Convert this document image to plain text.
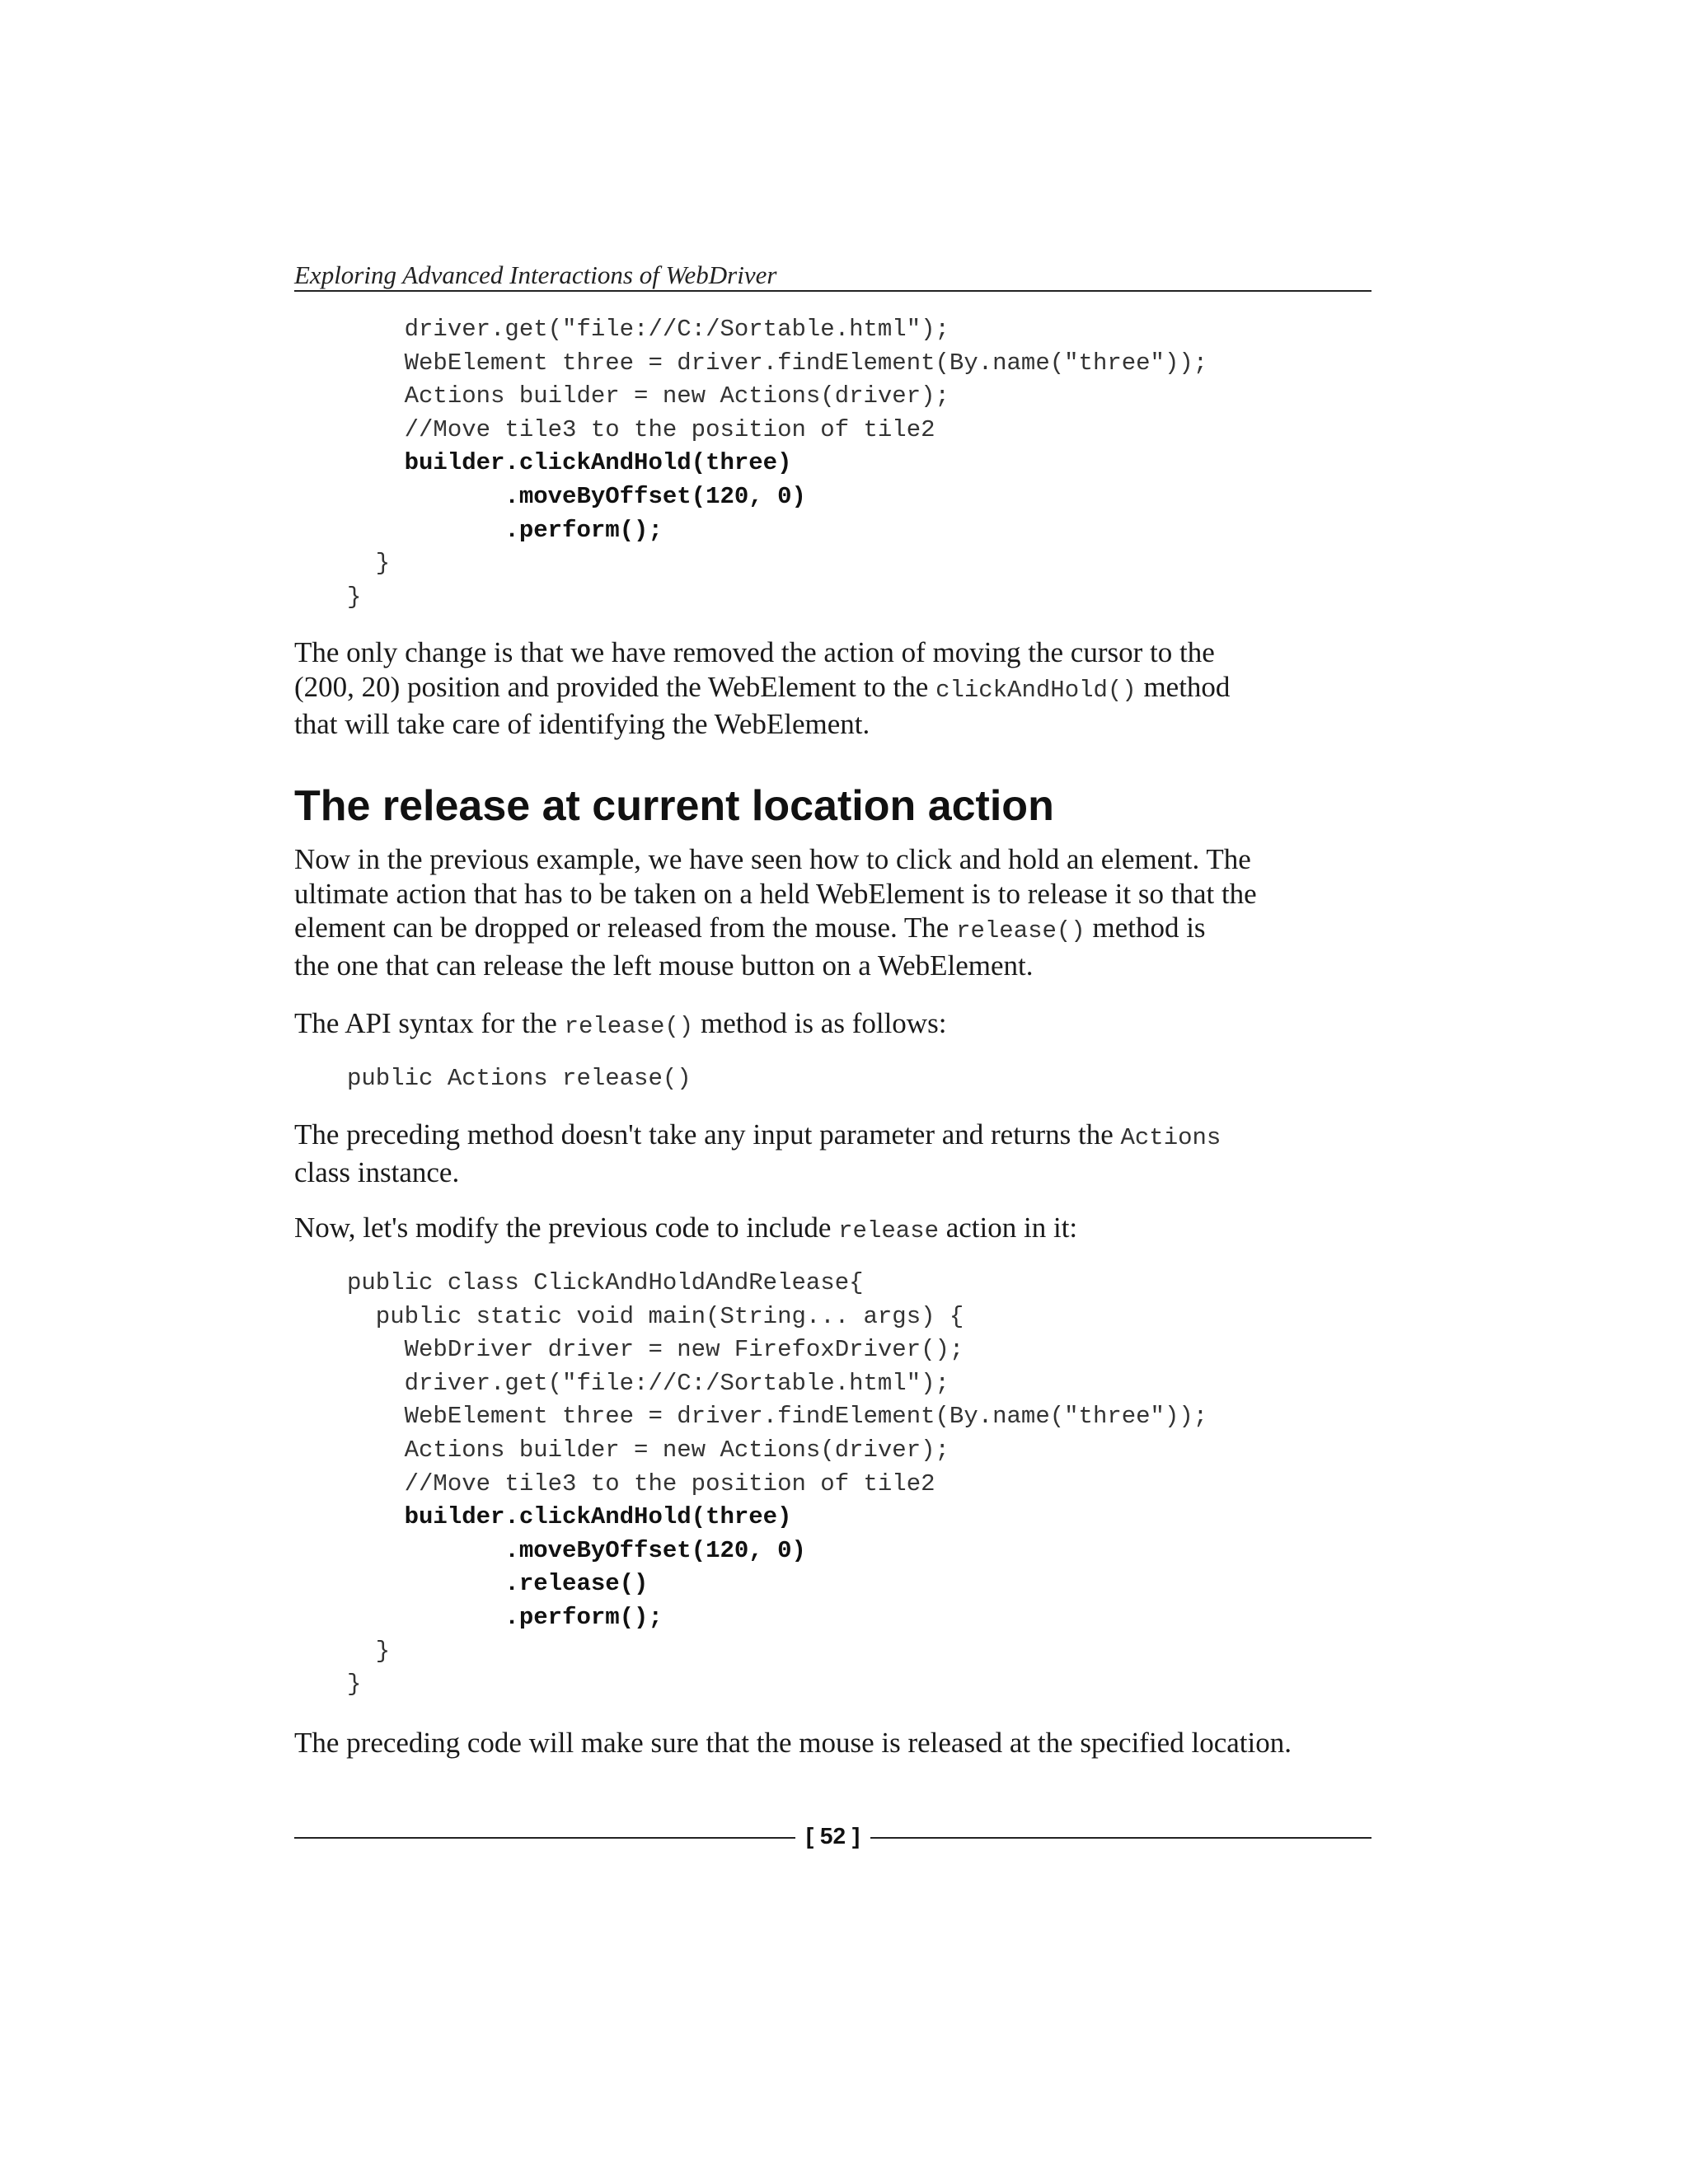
Exploring Advanced Interactions of WebDriver
driver.get("file://C:/Sortable.html");
WebElement three = driver.findElement(By.name("three"));
Actions builder = new Actions(driver);
//Move tile3 to the position of tile2
builder.clickAndHold(three)
.moveByOffset(120, 0)
.perform();
}
}

The only change is that we have removed the action of moving the cursor to the
(200, 20) position and provided the WebElement to the clickAndHold() method
that will take care of identifying the WebElement.

The release at current location action

Now in the previous example, we have seen how to click and hold an element. The
ultimate action that has to be taken on a held WebElement is to release it so that the
element can be dropped or released from the mouse. The release() method is
the one that can release the left mouse button on a WebElement.

The API syntax for the release() method is as follows:

public Actions release()

The preceding method doesn't take any input parameter and returns the Actions
class instance.

Now, let's modify the previous code to include release action in it:

public class ClickAndHoldAndRelease{
public static void main(String... args) {
WebDriver driver = new FirefoxDriver();
driver.get("file://C:/Sortable.html");
WebElement three = driver.findElement(By.name("three"));
Actions builder = new Actions(driver);
//Move tile3 to the position of tile2
builder.clickAndHold(three)
.moveByOffset(120, 0)
.release()
.perform();
}
}

The preceding code will make sure that the mouse is released at the specified location.

[ 52 ]
